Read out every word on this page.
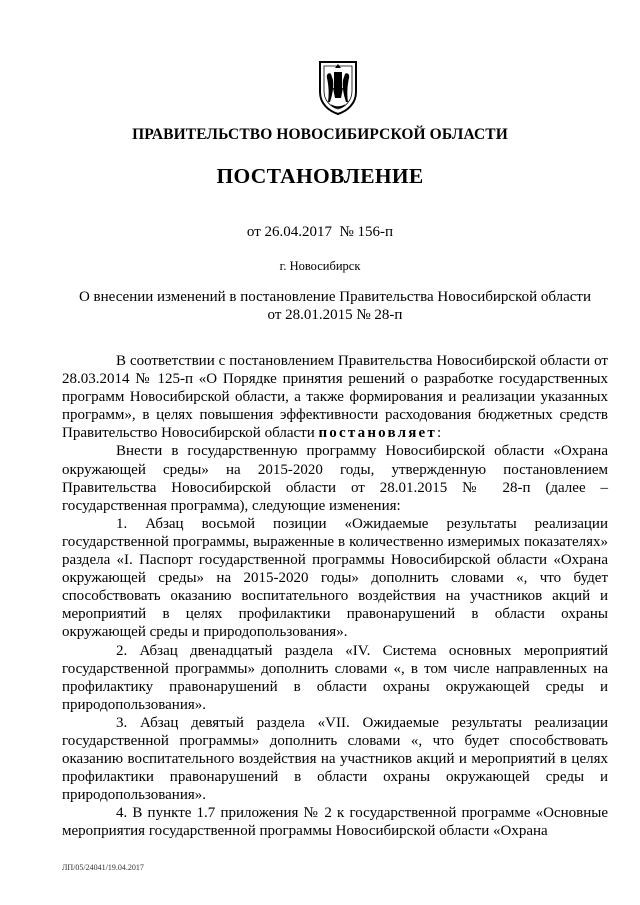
ПРАВИТЕЛЬСТВО НОВОСИБИРСКОЙ ОБЛАСТИ
ПОСТАНОВЛЕНИЕ
от 26.04.2017  № 156-п
г. Новосибирск
О внесении изменений в постановление Правительства Новосибирской области
от 28.01.2015 № 28-п

В соответствии с постановлением Правительства Новосибирской области от 28.03.2014 № 125-п «О Порядке принятия решений о разработке государственных программ Новосибирской области, а также формирования и реализации указанных программ», в целях повышения эффективности расходования бюджетных средств Правительство Новосибирской области постановляет:

Внести в государственную программу Новосибирской области «Охрана окружающей среды» на 2015-2020 годы, утвержденную постановлением Правительства Новосибирской области от 28.01.2015 № 28-п (далее – государственная программа), следующие изменения:

1. Абзац восьмой позиции «Ожидаемые результаты реализации государственной программы, выраженные в количественно измеримых показателях» раздела «I. Паспорт государственной программы Новосибирской области «Охрана окружающей среды» на 2015-2020 годы» дополнить словами «, что будет способствовать оказанию воспитательного воздействия на участников акций и мероприятий в целях профилактики правонарушений в области охраны окружающей среды и природопользования».

2. Абзац двенадцатый раздела «IV. Система основных мероприятий государственной программы» дополнить словами «, в том числе направленных на профилактику правонарушений в области охраны окружающей среды и природопользования».

3. Абзац девятый раздела «VII. Ожидаемые результаты реализации государственной программы» дополнить словами «, что будет способствовать оказанию воспитательного воздействия на участников акций и мероприятий в целях профилактики правонарушений в области охраны окружающей среды и природопользования».

4. В пункте 1.7 приложения № 2 к государственной программе «Основные мероприятия государственной программы Новосибирской области «Охрана

ЛП/05/24041/19.04.2017
